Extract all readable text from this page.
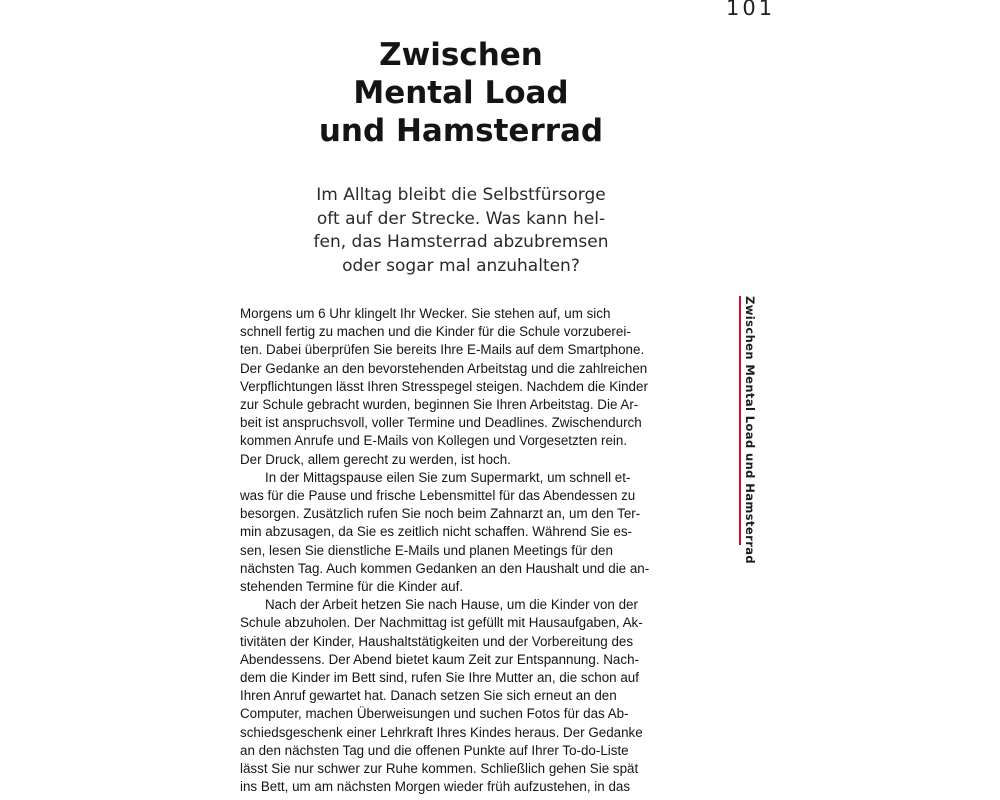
101
Zwischen
Mental Load
und Hamsterrad

Im Alltag bleibt die Selbstfürsorge
oft auf der Strecke. Was kann hel-
fen, das Hamsterrad abzubremsen
oder sogar mal anzuhalten?

Morgens um 6 Uhr klingelt Ihr Wecker. Sie stehen auf, um sich
schnell fertig zu machen und die Kinder für die Schule vorzuberei-
ten. Dabei überprüfen Sie bereits Ihre E-Mails auf dem Smartphone.
Der Gedanke an den bevorstehenden Arbeitstag und die zahlreichen
Verpflichtungen lässt Ihren Stresspegel steigen. Nachdem die Kinder
zur Schule gebracht wurden, beginnen Sie Ihren Arbeitstag. Die Ar-
beit ist anspruchsvoll, voller Termine und Deadlines. Zwischendurch
kommen Anrufe und E-Mails von Kollegen und Vorgesetzten rein.
Der Druck, allem gerecht zu werden, ist hoch.
In der Mittagspause eilen Sie zum Supermarkt, um schnell et-
was für die Pause und frische Lebensmittel für das Abendessen zu
besorgen. Zusätzlich rufen Sie noch beim Zahnarzt an, um den Ter-
min abzusagen, da Sie es zeitlich nicht schaffen. Während Sie es-
sen, lesen Sie dienstliche E-Mails und planen Meetings für den
nächsten Tag. Auch kommen Gedanken an den Haushalt und die an-
stehenden Termine für die Kinder auf.
Nach der Arbeit hetzen Sie nach Hause, um die Kinder von der
Schule abzuholen. Der Nachmittag ist gefüllt mit Hausaufgaben, Ak-
tivitäten der Kinder, Haushaltstätigkeiten und der Vorbereitung des
Abendessens. Der Abend bietet kaum Zeit zur Entspannung. Nach-
dem die Kinder im Bett sind, rufen Sie Ihre Mutter an, die schon auf
Ihren Anruf gewartet hat. Danach setzen Sie sich erneut an den
Computer, machen Überweisungen und suchen Fotos für das Ab-
schiedsgeschenk einer Lehrkraft Ihres Kindes heraus. Der Gedanke
an den nächsten Tag und die offenen Punkte auf Ihrer To-do-Liste
lässt Sie nur schwer zur Ruhe kommen. Schließlich gehen Sie spät
ins Bett, um am nächsten Morgen wieder früh aufzustehen, in das
Zwischen Mental Load und Hamsterrad
